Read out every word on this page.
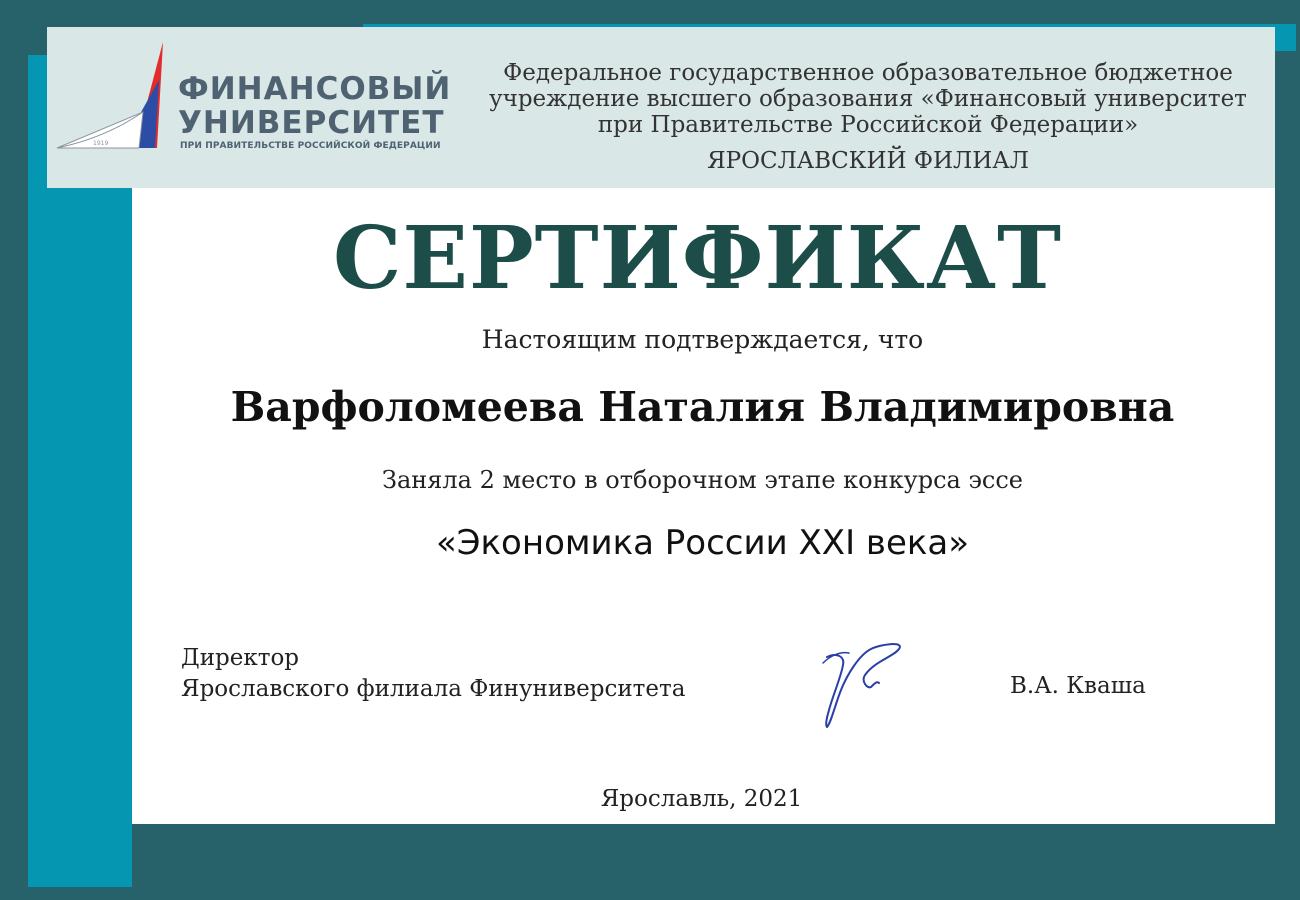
1919
ФИНАНСОВЫЙ
УНИВЕРСИТЕТ
ПРИ ПРАВИТЕЛЬСТВЕ РОССИЙСКОЙ ФЕДЕРАЦИИ
Федеральное государственное образовательное бюджетное
учреждение высшего образования «Финансовый университет
при Правительстве Российской Федерации»
ЯРОСЛАВСКИЙ ФИЛИАЛ
СЕРТИФИКАТ
Настоящим подтверждается, что
Варфоломеева Наталия Владимировна
Заняла 2 место в отборочном этапе конкурса эссе
«Экономика России XXI века»
Директор
Ярославского филиала Финуниверситета	В.А. Кваша
Ярославль, 2021
